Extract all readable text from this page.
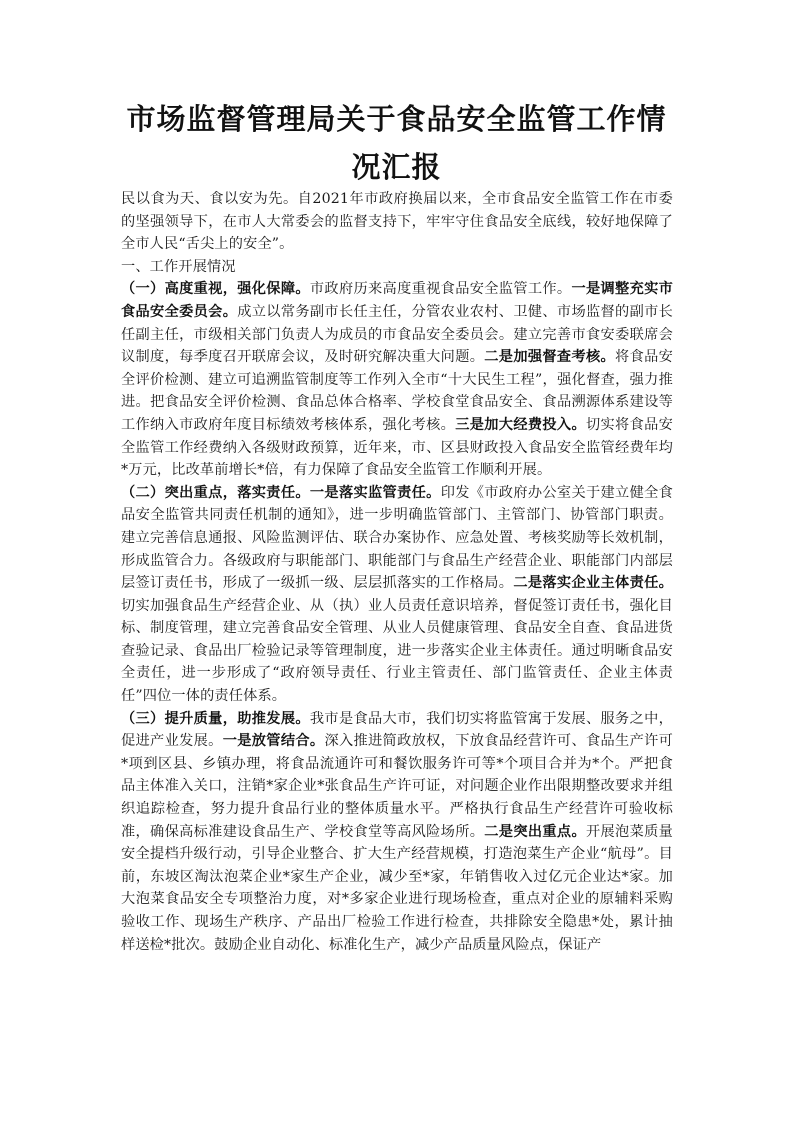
市场监督管理局关于食品安全监管工作情
况汇报

民以食为天、食以安为先。自2021年市政府换届以来，全市食品安全监管工作在市委的坚强领导下，在市人大常委会的监督支持下，牢牢守住食品安全底线，较好地保障了全市人民“舌尖上的安全”。

一、工作开展情况

（一）高度重视，强化保障。市政府历来高度重视食品安全监管工作。一是调整充实市食品安全委员会。成立以常务副市长任主任，分管农业农村、卫健、市场监督的副市长任副主任，市级相关部门负责人为成员的市食品安全委员会。建立完善市食安委联席会议制度，每季度召开联席会议，及时研究解决重大问题。二是加强督查考核。将食品安全评价检测、建立可追溯监管制度等工作列入全市“十大民生工程”，强化督查，强力推进。把食品安全评价检测、食品总体合格率、学校食堂食品安全、食品溯源体系建设等工作纳入市政府年度目标绩效考核体系，强化考核。三是加大经费投入。切实将食品安全监管工作经费纳入各级财政预算，近年来，市、区县财政投入食品安全监管经费年均*万元，比改革前增长*倍，有力保障了食品安全监管工作顺利开展。

（二）突出重点，落实责任。一是落实监管责任。印发《市政府办公室关于建立健全食品安全监管共同责任机制的通知》，进一步明确监管部门、主管部门、协管部门职责。建立完善信息通报、风险监测评估、联合办案协作、应急处置、考核奖励等长效机制，形成监管合力。各级政府与职能部门、职能部门与食品生产经营企业、职能部门内部层层签订责任书，形成了一级抓一级、层层抓落实的工作格局。二是落实企业主体责任。切实加强食品生产经营企业、从（执）业人员责任意识培养，督促签订责任书，强化目标、制度管理，建立完善食品安全管理、从业人员健康管理、食品安全自查、食品进货查验记录、食品出厂检验记录等管理制度，进一步落实企业主体责任。通过明晰食品安全责任，进一步形成了“政府领导责任、行业主管责任、部门监管责任、企业主体责任”四位一体的责任体系。

（三）提升质量，助推发展。我市是食品大市，我们切实将监管寓于发展、服务之中，促进产业发展。一是放管结合。深入推进简政放权，下放食品经营许可、食品生产许可*项到区县、乡镇办理，将食品流通许可和餐饮服务许可等*个项目合并为*个。严把食品主体准入关口，注销*家企业*张食品生产许可证，对问题企业作出限期整改要求并组织追踪检查，努力提升食品行业的整体质量水平。严格执行食品生产经营许可验收标准，确保高标准建设食品生产、学校食堂等高风险场所。二是突出重点。开展泡菜质量安全提档升级行动，引导企业整合、扩大生产经营规模，打造泡菜生产企业“航母”。目前，东坡区淘汰泡菜企业*家生产企业，减少至*家，年销售收入过亿元企业达*家。加大泡菜食品安全专项整治力度，对*多家企业进行现场检查，重点对企业的原辅料采购验收工作、现场生产秩序、产品出厂检验工作进行检查，共排除安全隐患*处，累计抽样送检*批次。鼓励企业自动化、标准化生产，减少产品质量风险点，保证产
